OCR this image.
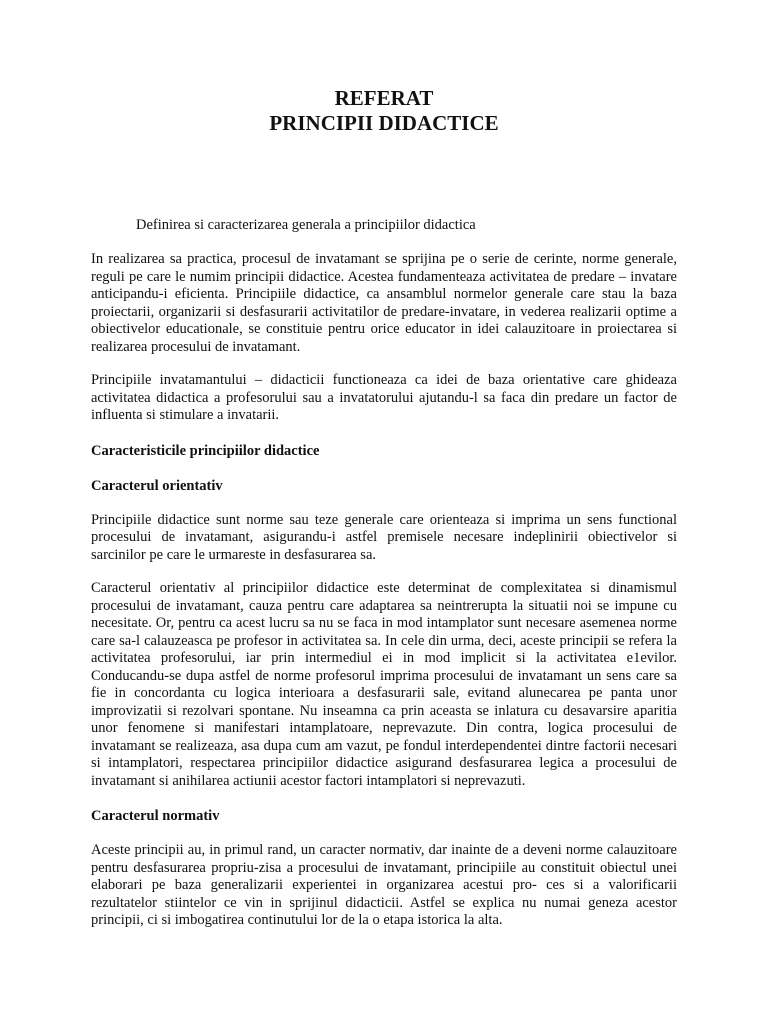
REFERAT
PRINCIPII DIDACTICE

Definirea si caracterizarea generala a principiilor didactica

In realizarea sa practica, procesul de invatamant se sprijina pe o serie de cerinte, norme generale, reguli pe care le numim principii didactice. Acestea fundamenteaza activitatea de predare – invatare anticipandu-i eficienta. Principiile didactice, ca ansamblul normelor generale care stau la baza proiectarii, organizarii si desfasurarii activitatilor de predare-invatare, in vederea realizarii optime a obiectivelor educationale, se constituie pentru orice educator in idei calauzitoare in proiectarea si realizarea procesului de invatamant.

Principiile invatamantului – didacticii functioneaza ca idei de baza orientative care ghideaza activitatea didactica a profesorului sau a invatatorului ajutandu-l sa faca din predare un factor de influenta si stimulare a invatarii.

Caracteristicile principiilor didactice

Caracterul orientativ

Principiile didactice sunt norme sau teze generale care orienteaza si imprima un sens functional procesului de invatamant, asigurandu-i astfel premisele necesare indeplinirii obiectivelor si sarcinilor pe care le urmareste in desfasurarea sa.

Caracterul orientativ al principiilor didactice este determinat de complexitatea si dinamismul procesului de invatamant, cauza pentru care adaptarea sa neintrerupta la situatii noi se impune cu necesitate. Or, pentru ca acest lucru sa nu se faca in mod intamplator sunt necesare asemenea norme care sa-l calauzeasca pe profesor in activitatea sa. In cele din urma, deci, aceste principii se refera la activitatea profesorului, iar prin intermediul ei in mod implicit si la activitatea e1evilor. Conducandu-se dupa astfel de norme profesorul imprima procesului de invatamant un sens care sa fie in concordanta cu logica interioara a desfasurarii sale, evitand alunecarea pe panta unor improvizatii si rezolvari spontane. Nu inseamna ca prin aceasta se inlatura cu desavarsire aparitia unor fenomene si manifestari intamplatoare, neprevazute. Din contra, logica procesului de invatamant se realizeaza, asa dupa cum am vazut, pe fondul interdependentei dintre factorii necesari si intamplatori, respectarea principiilor didactice asigurand desfasurarea legica a procesului de invatamant si anihilarea actiunii acestor factori intamplatori si neprevazuti.

Caracterul normativ

Aceste principii au, in primul rand, un caracter normativ, dar inainte de a deveni norme calauzitoare pentru desfasurarea propriu-zisa a procesului de invatamant, principiile au constituit obiectul unei elaborari pe baza generalizarii experientei in organizarea acestui pro- ces si a valorificarii rezultatelor stiintelor ce vin in sprijinul didacticii. Astfel se explica nu numai geneza acestor principii, ci si imbogatirea continutului lor de la o etapa istorica la alta.
